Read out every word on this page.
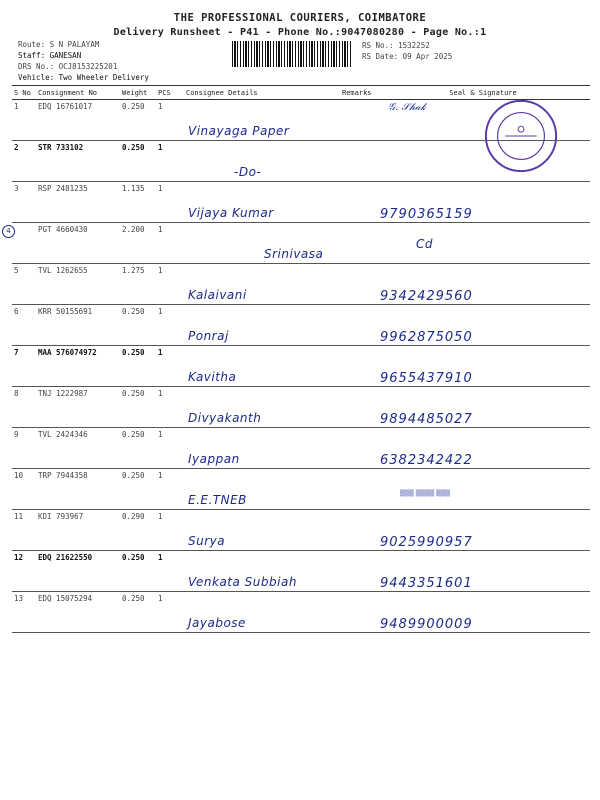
THE PROFESSIONAL COURIERS, COIMBATORE
Delivery Runsheet - P41 - Phone No.:9047080280 - Page No.:1
Route: S N PALAYAM
Staff: GANESAN
DRS No.: OCJ8153225201
Vehicle: Two Wheeler Delivery
RS No.: 1532252
RS Date: 09 Apr 2025
S No	Consignment No	Weight	PCS	Consignee Details	Remarks	Seal & Signature
1	EDQ 16761017	0.250	1	Vinayaga Paper		𝒢. 𝒮𝒽𝒶𝓀

2	STR 733102	0.250	1	-Do-		

3	RSP 2481235	1.135	1	Vijaya Kumar		9790365159

4	PGT 4660430	2.200	1	Srinivasa		Cd

5	TVL 1262655	1.275	1	Kalaivani		9342429560

6	KRR 50155691	0.250	1	Ponraj		9962875050

7	MAA 576074972	0.250	1	Kavitha		9655437910

8	TNJ 1222987	0.250	1	Divyakanth		9894485027

9	TVL 2424346	0.250	1	Iyappan		6382342422

10	TRP 7944358	0.250	1	E.E.TNEB		

11	KDI 793967	0.290	1	Surya		9025990957

12	EDQ 21622550	0.250	1	Venkata Subbiah		9443351601

13	EDQ 15075294	0.250	1	Jayabose		9489900009
▒▒▒ ▒▒▒▒ ▒▒▒
